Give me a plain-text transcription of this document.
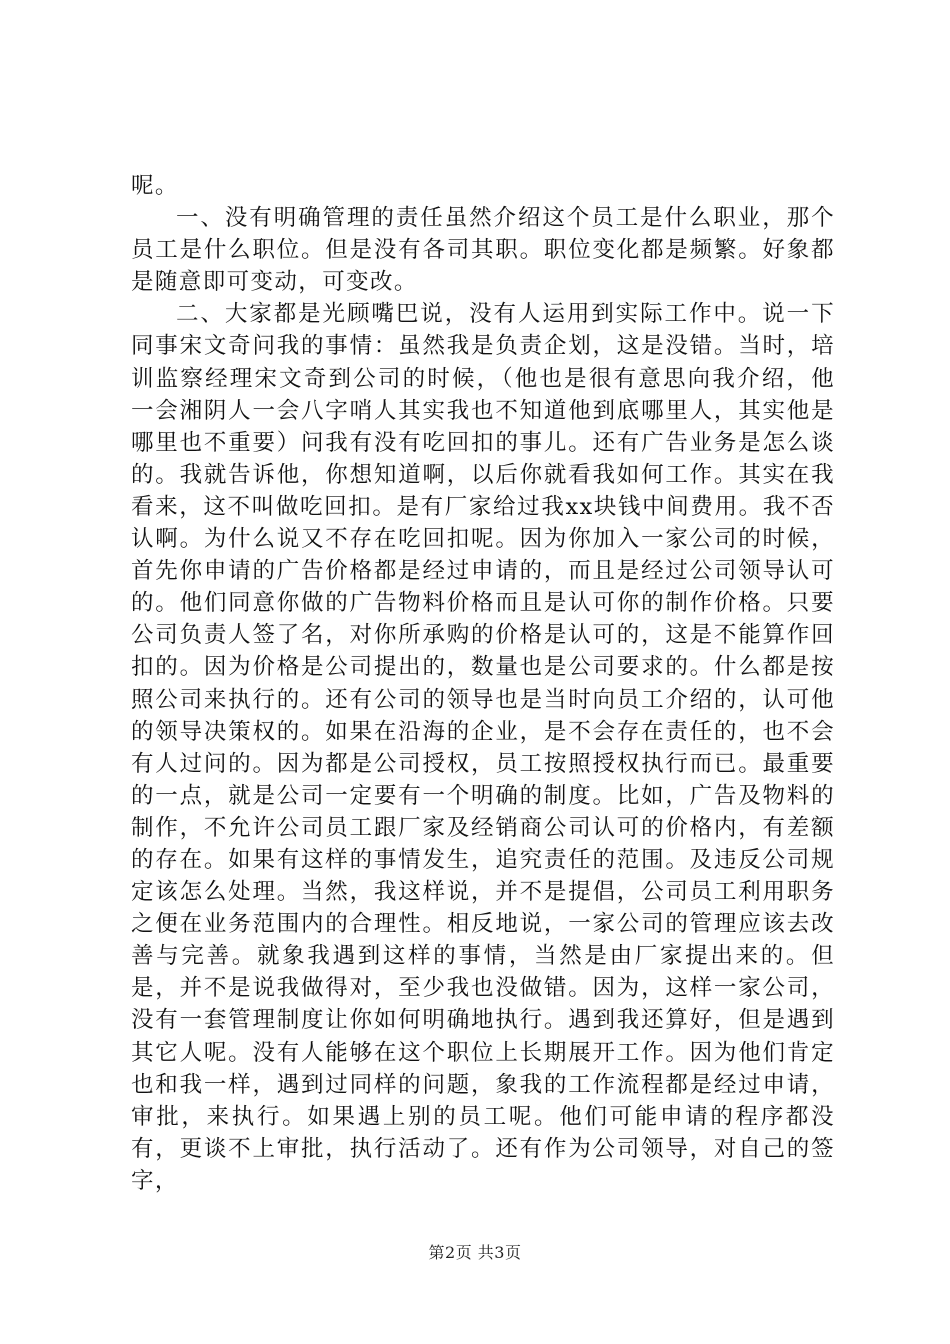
呢。

一、没有明确管理的责任虽然介绍这个员工是什么职业，那个员工是什么职位。但是没有各司其职。职位变化都是频繁。好象都是随意即可变动，可变改。

二、大家都是光顾嘴巴说，没有人运用到实际工作中。说一下同事宋文奇问我的事情：虽然我是负责企划，这是没错。当时，培训监察经理宋文奇到公司的时候，（他也是很有意思向我介绍，他一会湘阴人一会八字哨人其实我也不知道他到底哪里人，其实他是哪里也不重要）问我有没有吃回扣的事儿。还有广告业务是怎么谈的。我就告诉他，你想知道啊，以后你就看我如何工作。其实在我看来，这不叫做吃回扣。是有厂家给过我xx块钱中间费用。我不否认啊。为什么说又不存在吃回扣呢。因为你加入一家公司的时候，首先你申请的广告价格都是经过申请的，而且是经过公司领导认可的。他们同意你做的广告物料价格而且是认可你的制作价格。只要公司负责人签了名，对你所承购的价格是认可的，这是不能算作回扣的。因为价格是公司提出的，数量也是公司要求的。什么都是按照公司来执行的。还有公司的领导也是当时向员工介绍的，认可他的领导决策权的。如果在沿海的企业，是不会存在责任的，也不会有人过问的。因为都是公司授权，员工按照授权执行而已。最重要的一点，就是公司一定要有一个明确的制度。比如，广告及物料的制作，不允许公司员工跟厂家及经销商公司认可的价格内，有差额的存在。如果有这样的事情发生，追究责任的范围。及违反公司规定该怎么处理。当然，我这样说，并不是提倡，公司员工利用职务之便在业务范围内的合理性。相反地说，一家公司的管理应该去改善与完善。就象我遇到这样的事情，当然是由厂家提出来的。但是，并不是说我做得对，至少我也没做错。因为，这样一家公司，没有一套管理制度让你如何明确地执行。遇到我还算好，但是遇到其它人呢。没有人能够在这个职位上长期展开工作。因为他们肯定也和我一样，遇到过同样的问题，象我的工作流程都是经过申请，审批，来执行。如果遇上别的员工呢。他们可能申请的程序都没有，更谈不上审批，执行活动了。还有作为公司领导，对自己的签字，

第2页 共3页
